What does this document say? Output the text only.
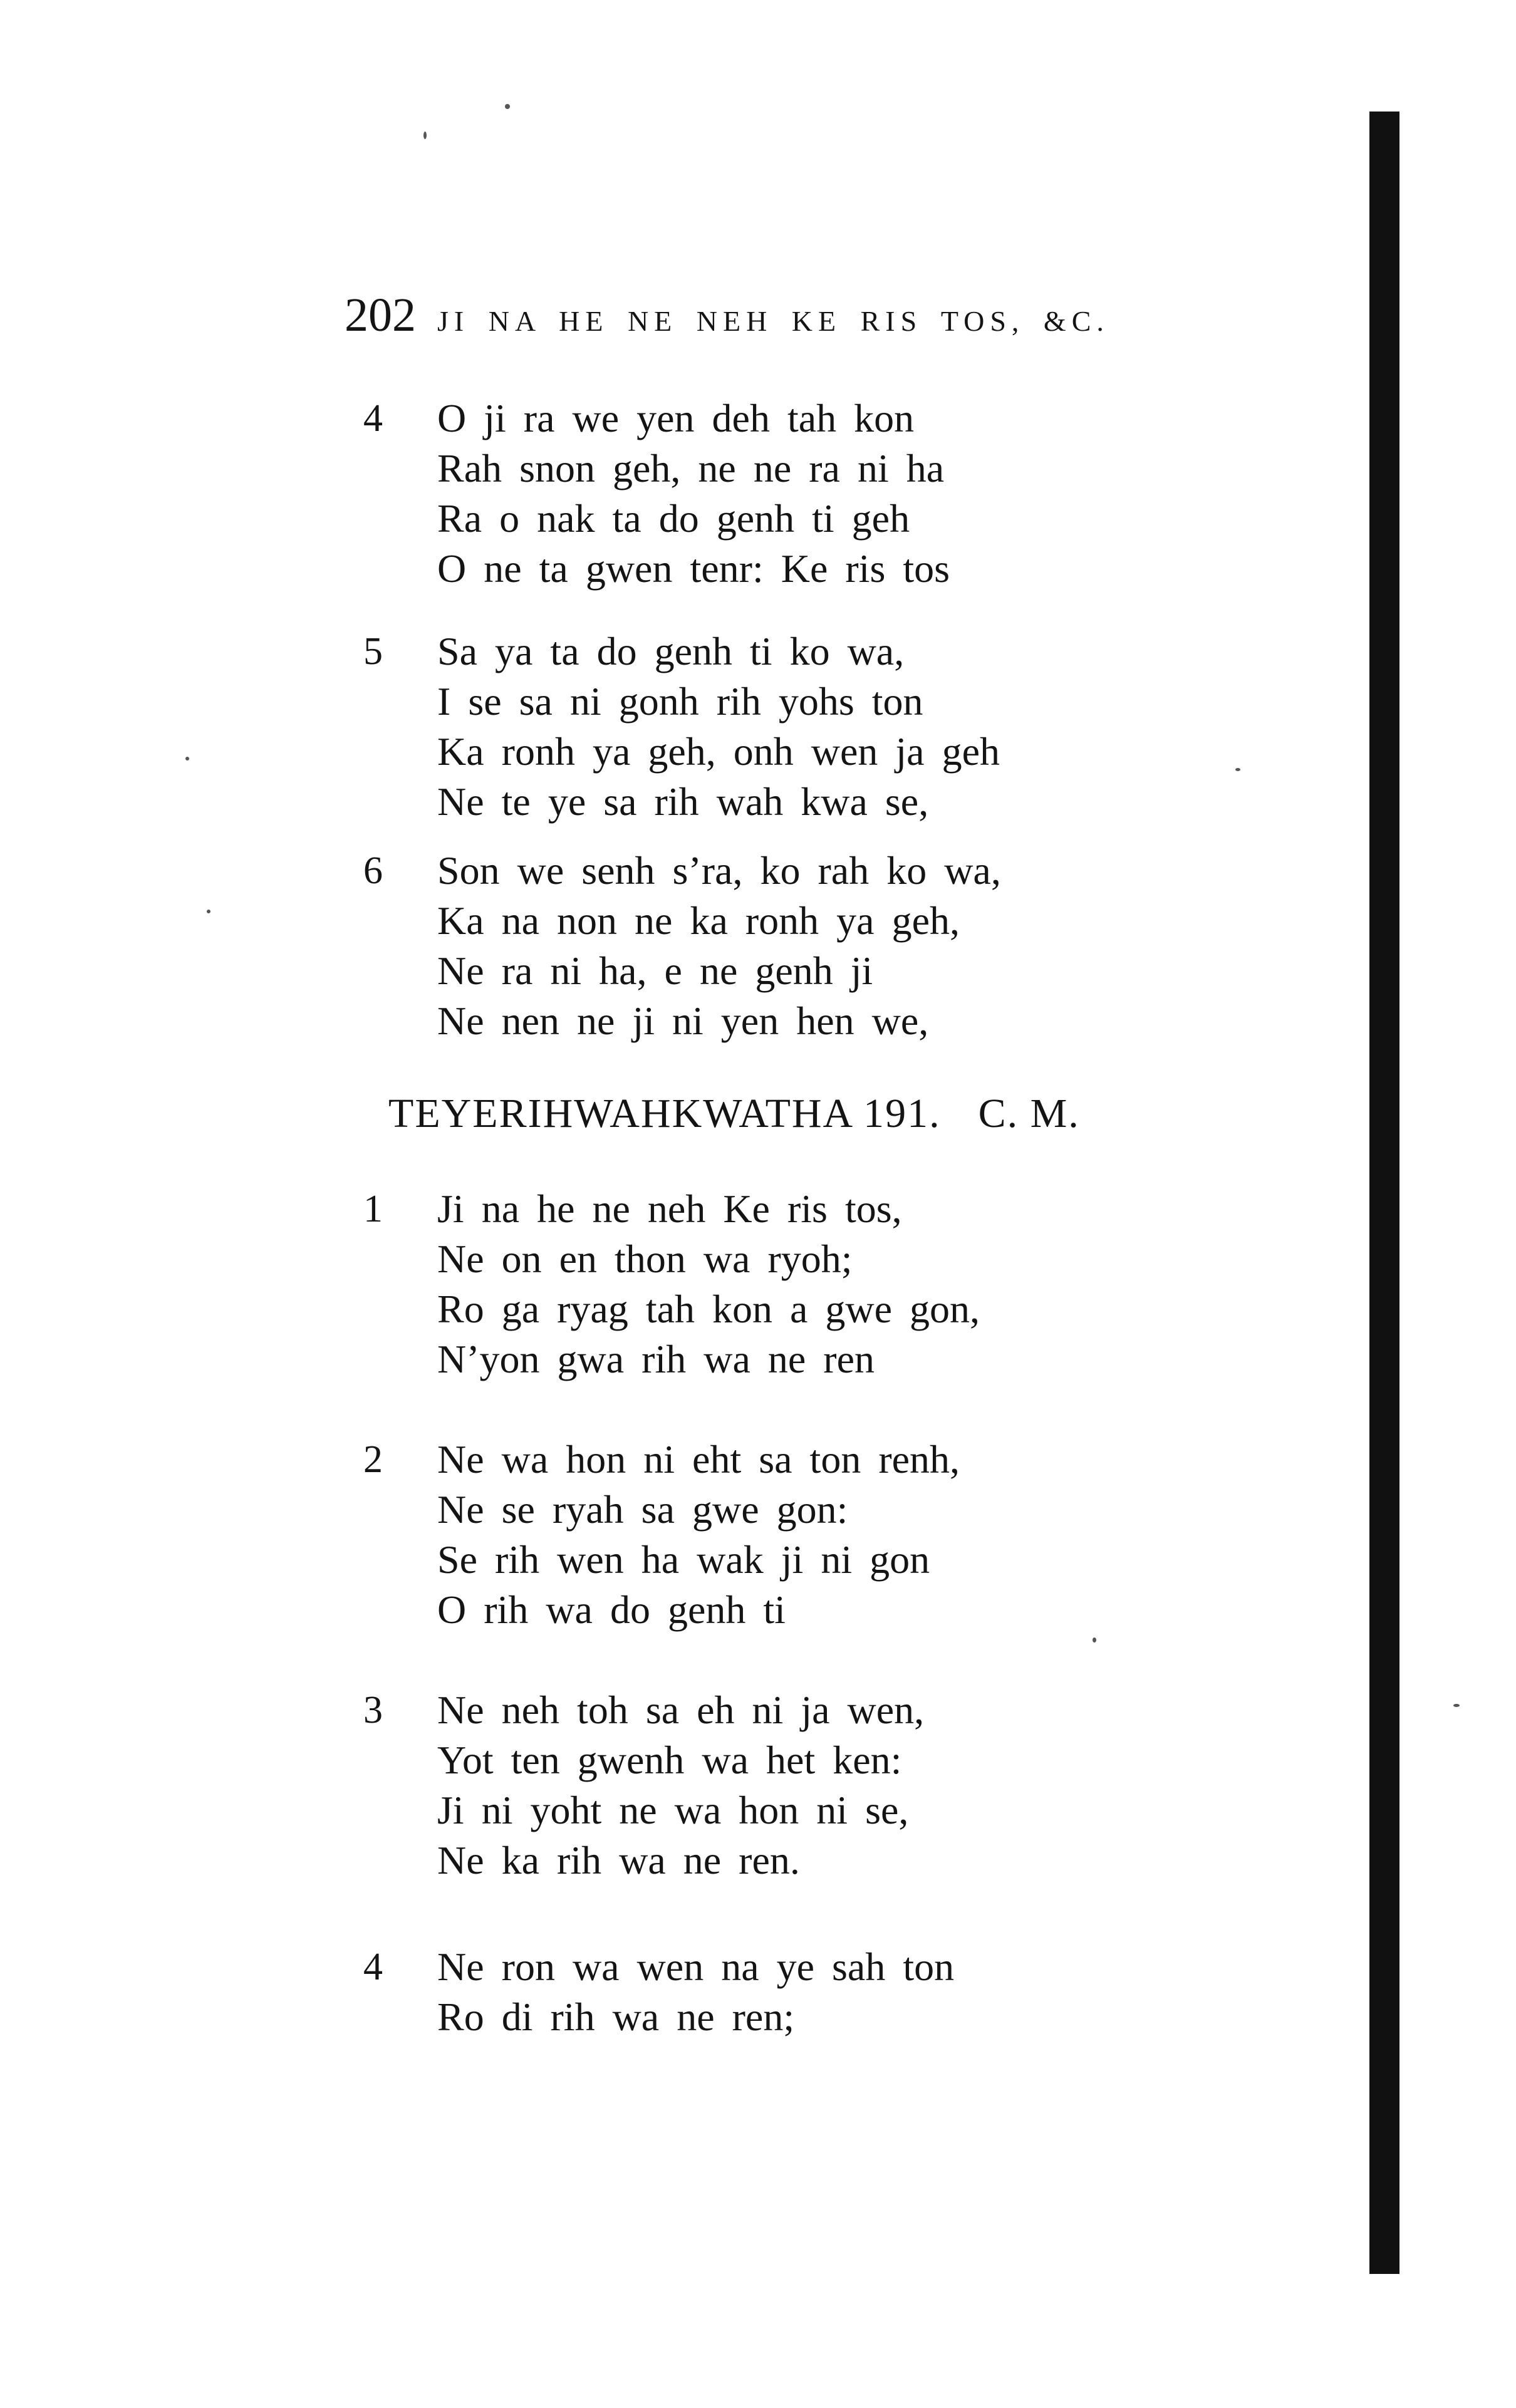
202 JI NA HE NE NEH KE RIS TOS, &C.
4 O ji ra we yen deh tah kon
Rah snon geh, ne ne ra ni ha
Ra o nak ta do genh ti geh
O ne ta gwen tenr: Ke ris tos
5 Sa ya ta do genh ti ko wa,
I se sa ni gonh rih yohs ton
Ka ronh ya geh, onh wen ja geh
Ne te ye sa rih wah kwa se,
6 Son we senh s’ra, ko rah ko wa,
Ka na non ne ka ronh ya geh,
Ne ra ni ha, e ne genh ji
Ne nen ne ji ni yen hen we,
TEYERIHWAHKWATHA 191. C. M.
1 Ji na he ne neh Ke ris tos,
Ne on en thon wa ryoh;
Ro ga ryag tah kon a gwe gon,
N’yon gwa rih wa ne ren
2 Ne wa hon ni eht sa ton renh,
Ne se ryah sa gwe gon:
Se rih wen ha wak ji ni gon
O rih wa do genh ti
3 Ne neh toh sa eh ni ja wen,
Yot ten gwenh wa het ken:
Ji ni yoht ne wa hon ni se,
Ne ka rih wa ne ren.
4 Ne ron wa wen na ye sah ton
Ro di rih wa ne ren;
